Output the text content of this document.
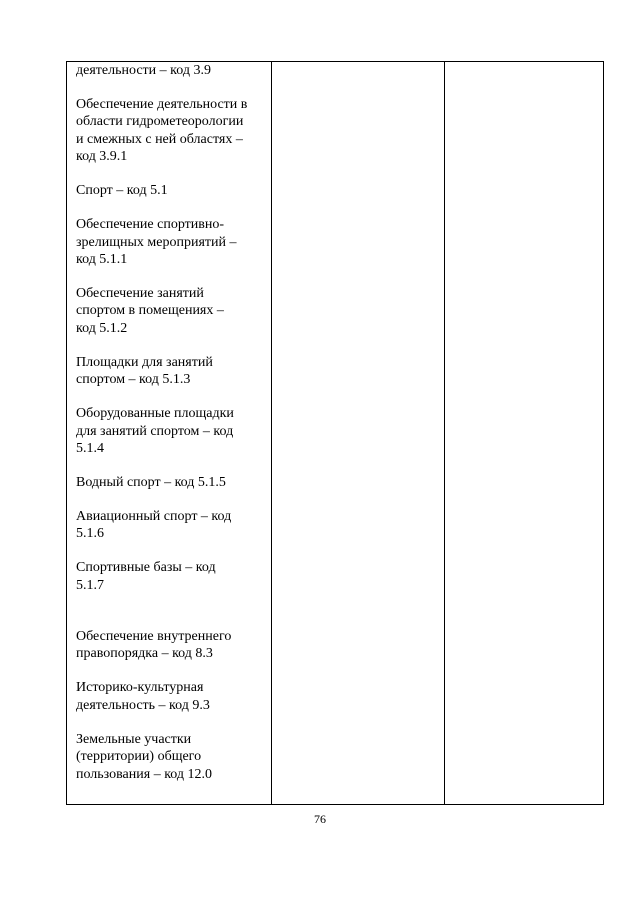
деятельности – код 3.9

Обеспечение деятельности в
области гидрометеорологии
и смежных с ней областях –
код 3.9.1

Спорт – код 5.1

Обеспечение спортивно-
зрелищных мероприятий –
код 5.1.1

Обеспечение занятий
спортом в помещениях –
код 5.1.2

Площадки для занятий
спортом – код 5.1.3

Оборудованные площадки
для занятий спортом – код
5.1.4

Водный спорт – код 5.1.5

Авиационный спорт – код
5.1.6

Спортивные базы – код
5.1.7

Обеспечение внутреннего
правопорядка – код 8.3

Историко-культурная
деятельность – код 9.3

Земельные участки
(территории) общего
пользования – код 12.0

76
